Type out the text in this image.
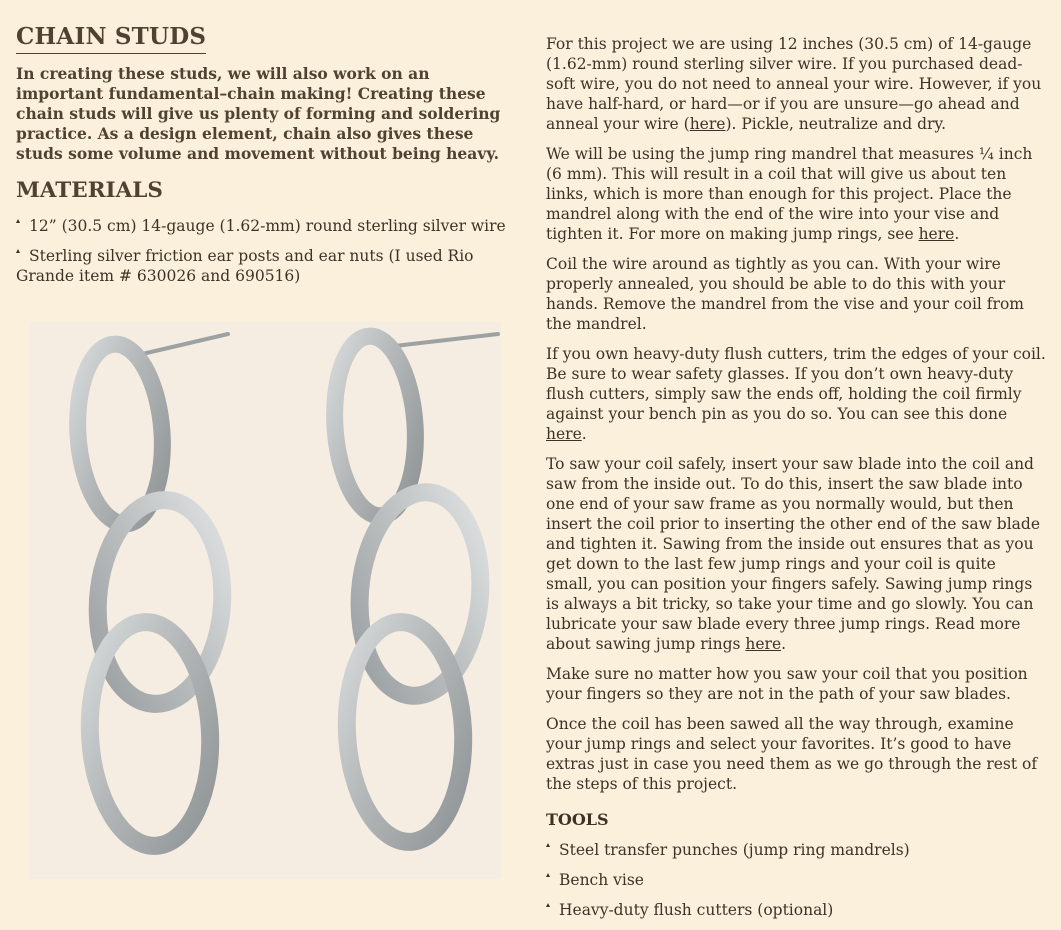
CHAIN STUDS

In creating these studs, we will also work on an important fundamental–chain making! Creating these chain studs will give us plenty of forming and soldering practice. As a design element, chain also gives these studs some volume and movement without being heavy.

MATERIALS
12” (30.5 cm) 14-gauge (1.62-mm) round sterling silver wire
Sterling silver friction ear posts and ear nuts (I used Rio Grande item # 630026 and 690516)

For this project we are using 12 inches (30.5 cm) of 14-gauge (1.62-mm) round sterling silver wire. If you purchased dead-soft wire, you do not need to anneal your wire. However, if you have half-hard, or hard—or if you are unsure—go ahead and anneal your wire (here). Pickle, neutralize and dry.

We will be using the jump ring mandrel that measures ¼ inch (6 mm). This will result in a coil that will give us about ten links, which is more than enough for this project. Place the mandrel along with the end of the wire into your vise and tighten it. For more on making jump rings, see here.

Coil the wire around as tightly as you can. With your wire properly annealed, you should be able to do this with your hands. Remove the mandrel from the vise and your coil from the mandrel.

If you own heavy-duty flush cutters, trim the edges of your coil. Be sure to wear safety glasses. If you don’t own heavy-duty flush cutters, simply saw the ends off, holding the coil firmly against your bench pin as you do so. You can see this done here.

To saw your coil safely, insert your saw blade into the coil and saw from the inside out. To do this, insert the saw blade into one end of your saw frame as you normally would, but then insert the coil prior to inserting the other end of the saw blade and tighten it. Sawing from the inside out ensures that as you get down to the last few jump rings and your coil is quite small, you can position your fingers safely. Sawing jump rings is always a bit tricky, so take your time and go slowly. You can lubricate your saw blade every three jump rings. Read more about sawing jump rings here.

Make sure no matter how you saw your coil that you position your fingers so they are not in the path of your saw blades.

Once the coil has been sawed all the way through, examine your jump rings and select your favorites. It’s good to have extras just in case you need them as we go through the rest of the steps of this project.

TOOLS
Steel transfer punches (jump ring mandrels)
Bench vise
Heavy-duty flush cutters (optional)
